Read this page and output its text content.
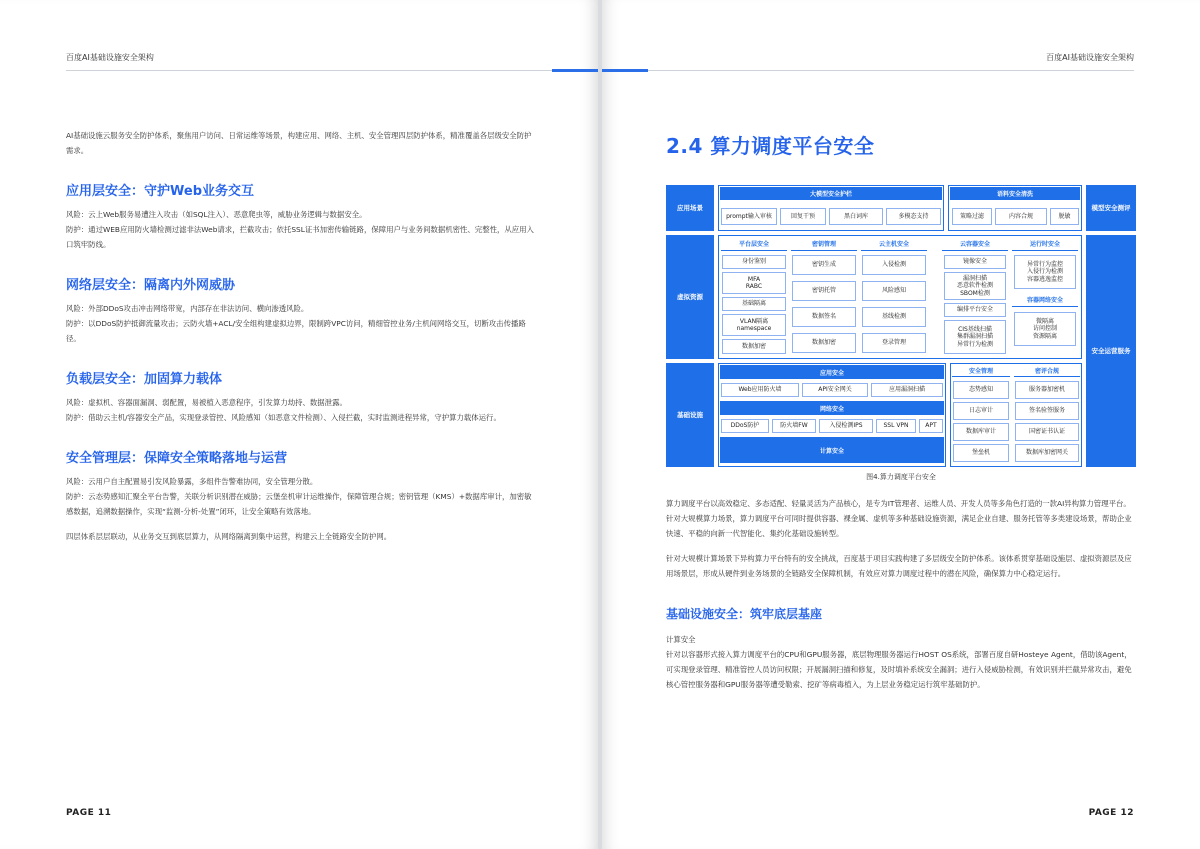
百度AI基础设施安全架构

AI基础设施云服务安全防护体系，聚焦用户访问、日常运维等场景，构建应用、网络、主机、安全管理四层防护体系，精准覆盖各层级安全防护需求。

应用层安全：守护Web业务交互

风险：云上Web服务易遭注入攻击（如SQL注入）、恶意爬虫等，威胁业务逻辑与数据安全。

防护：通过WEB应用防火墙检测过滤非法Web请求，拦截攻击；依托SSL证书加密传输链路，保障用户与业务间数据机密性、完整性，从应用入口筑牢防线。

网络层安全：隔离内外网威胁

风险：外部DDoS攻击冲击网络带宽，内部存在非法访问、横向渗透风险。

防护：以DDoS防护抵御流量攻击；云防火墙+ACL/安全组构建虚拟边界，限制跨VPC访问，精细管控业务/主机间网络交互，切断攻击传播路径。

负载层安全：加固算力载体

风险：虚拟机、容器面漏洞、弱配置，易被植入恶意程序，引发算力劫持、数据泄露。

防护：借助云主机/容器安全产品，实现登录管控、风险感知（如恶意文件检测）、入侵拦截，实时监测进程异常，守护算力载体运行。

安全管理层：保障安全策略落地与运营

风险：云用户自主配置易引发风险暴露，多组件告警难协同，安全管理分散。

防护：云态势感知汇聚全平台告警，关联分析识别潜在威胁；云堡垒机审计运维操作，保障管理合规；密钥管理（KMS）+数据库审计，加密敏感数据，追溯数据操作，实现“监测-分析-处置”闭环，让安全策略有效落地。

四层体系层层联动，从业务交互到底层算力，从网络隔离到集中运营，构建云上全链路安全防护网。

PAGE 11
百度AI基础设施安全架构
2.4 算力调度平台安全
应用场景
虚拟资源
基础设施
模型安全测评
安全运营服务
大模型安全护栏
prompt输入审核	回复干预	黑白词库	多模态支持
语料安全清洗
策略过滤	内容合规	脱敏
平台层安全
身份鉴别
MFA
RABC
基础隔离
VLAN隔离
namespace
数据加密
密钥管理
密钥生成
密钥托管
数据签名
数据加密
云主机安全
入侵检测
风险感知
基线检测
登录管理
云容器安全
镜像安全
漏洞扫描
恶意软件检测
SBOM检测
编排平台安全
CIS基线扫描
集群漏洞扫描
异常行为检测
运行时安全
异常行为监控
入侵行为检测
容器逃逸监控
容器网络安全
微隔离
访问控制
资源隔离
应用安全
Web应用防火墙	API安全网关	应用漏洞扫描
网络安全
DDoS防护	防火墙FW	入侵检测IPS	SSL VPN	APT
计算安全
安全管理
态势感知
日志审计
数据库审计
堡垒机
密评合规
服务器加密机
签名验签服务
国密证书认证
数据库加密网关
图4.算力调度平台安全

算力调度平台以高效稳定、多态适配、轻量灵活为产品核心，是专为IT管理者、运维人员、开发人员等多角色打造的一款AI异构算力管理平台。针对大规模算力场景，算力调度平台可同时提供容器、裸金属、虚机等多种基础设施资源，满足企业自建、服务托管等多类建设场景，帮助企业快速、平稳的向新一代智能化、集约化基础设施转型。

针对大规模计算场景下异构算力平台特有的安全挑战，百度基于项目实践构建了多层级安全防护体系。该体系贯穿基础设施层、虚拟资源层及应用场景层，形成从硬件到业务场景的全链路安全保障机制，有效应对算力调度过程中的潜在风险，确保算力中心稳定运行。

基础设施安全：筑牢底层基座

计算安全

针对以容器形式接入算力调度平台的CPU和GPU服务器，底层物理服务器运行HOST OS系统，部署百度自研Hosteye Agent，借助该Agent，可实现登录管理、精准管控人员访问权限；开展漏洞扫描和修复，及时填补系统安全漏洞；进行入侵威胁检测，有效识别并拦截异常攻击，避免核心管控服务器和GPU服务器等遭受勒索、挖矿等病毒植入，为上层业务稳定运行筑牢基础防护。

PAGE 12
